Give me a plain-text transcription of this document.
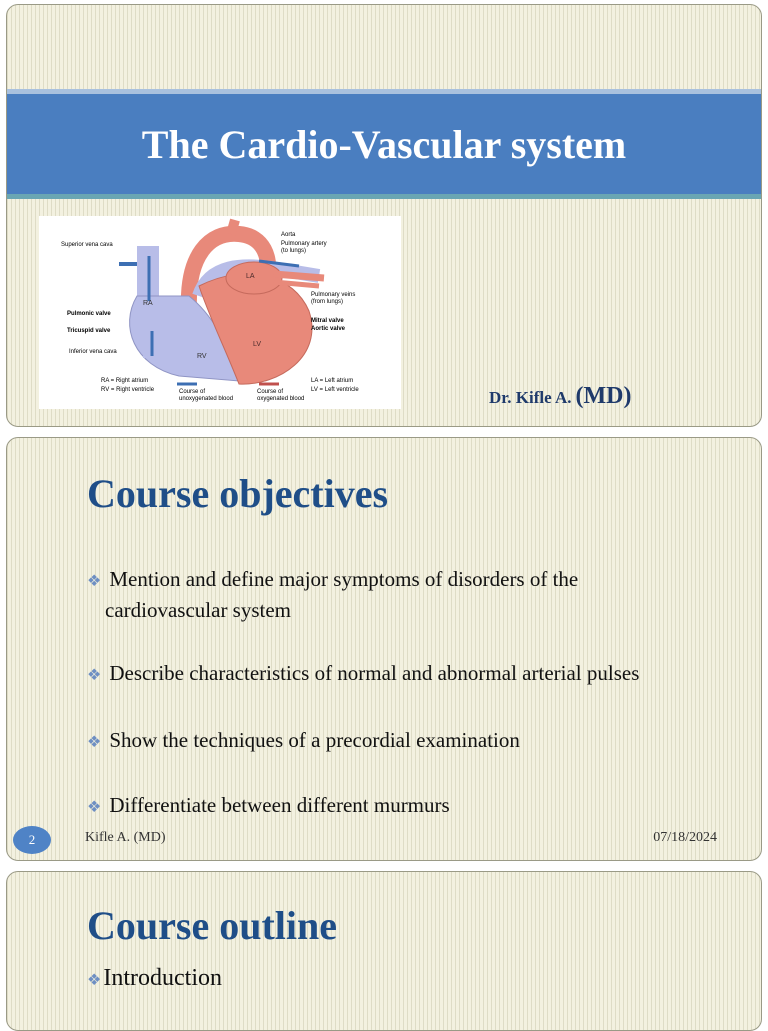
The Cardio-Vascular system
Aorta
Pulmonary artery
(to lungs)
Superior vena cava
LA
RA
RV
LV
Pulmonic valve
Tricuspid valve
Inferior vena cava
Pulmonary veins
(from lungs)
Mitral valve
Aortic valve
RA = Right atrium
RV = Right ventricle	Course of
unoxygenated blood
Course of
oxygenated blood
LA = Left atrium
LV = Left ventricle	Dr. Kifle A. (MD)
Course objectives
❖ Mention and define major symptoms of disorders of the
cardiovascular system
❖ Describe characteristics of normal and abnormal arterial pulses
❖ Show the techniques of a precordial examination
❖ Differentiate between different murmurs
2	Kifle A. (MD)	07/18/2024
Course outline
❖Introduction
